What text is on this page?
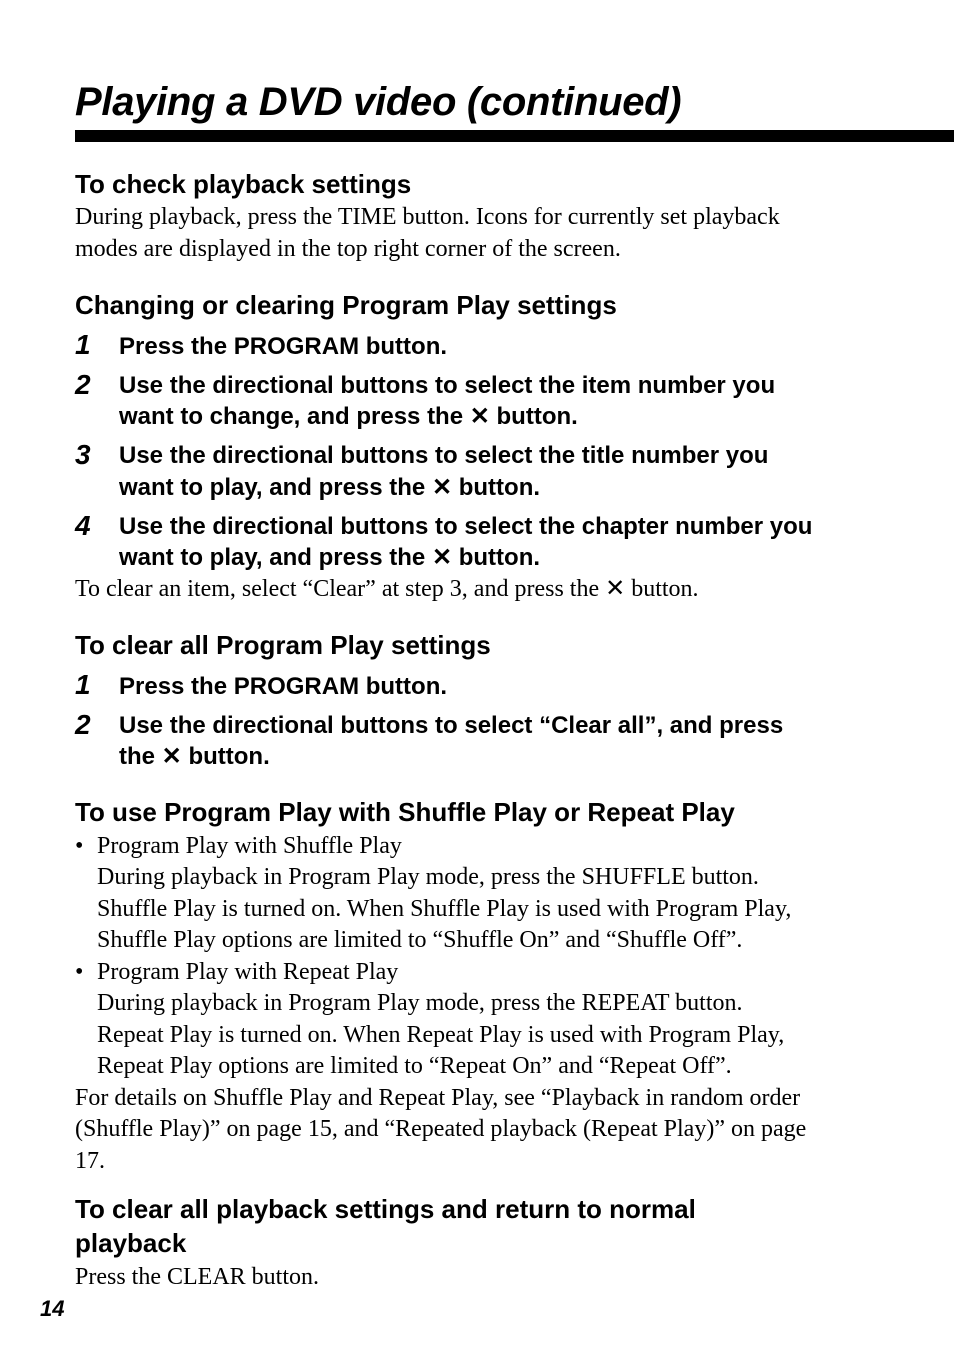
Playing a DVD video (continued)
To check playback settings
During playback, press the TIME button. Icons for currently set playback
modes are displayed in the top right corner of the screen.
Changing or clearing Program Play settings
1 Press the PROGRAM button.
2 Use the directional buttons to select the item number you
want to change, and press the ✕ button.
3 Use the directional buttons to select the title number you
want to play, and press the ✕ button.
4 Use the directional buttons to select the chapter number you
want to play, and press the ✕ button.
To clear an item, select “Clear” at step 3, and press the ✕ button.
To clear all Program Play settings
1 Press the PROGRAM button.
2 Use the directional buttons to select “Clear all”, and press
the ✕ button.
To use Program Play with Shuffle Play or Repeat Play
• Program Play with Shuffle Play
During playback in Program Play mode, press the SHUFFLE button.
Shuffle Play is turned on. When Shuffle Play is used with Program Play,
Shuffle Play options are limited to “Shuffle On” and “Shuffle Off”.
• Program Play with Repeat Play
During playback in Program Play mode, press the REPEAT button.
Repeat Play is turned on. When Repeat Play is used with Program Play,
Repeat Play options are limited to “Repeat On” and “Repeat Off”.
For details on Shuffle Play and Repeat Play, see “Playback in random order
(Shuffle Play)” on page 15, and “Repeated playback (Repeat Play)” on page
17.
To clear all playback settings and return to normal
playback
Press the CLEAR button.
14
